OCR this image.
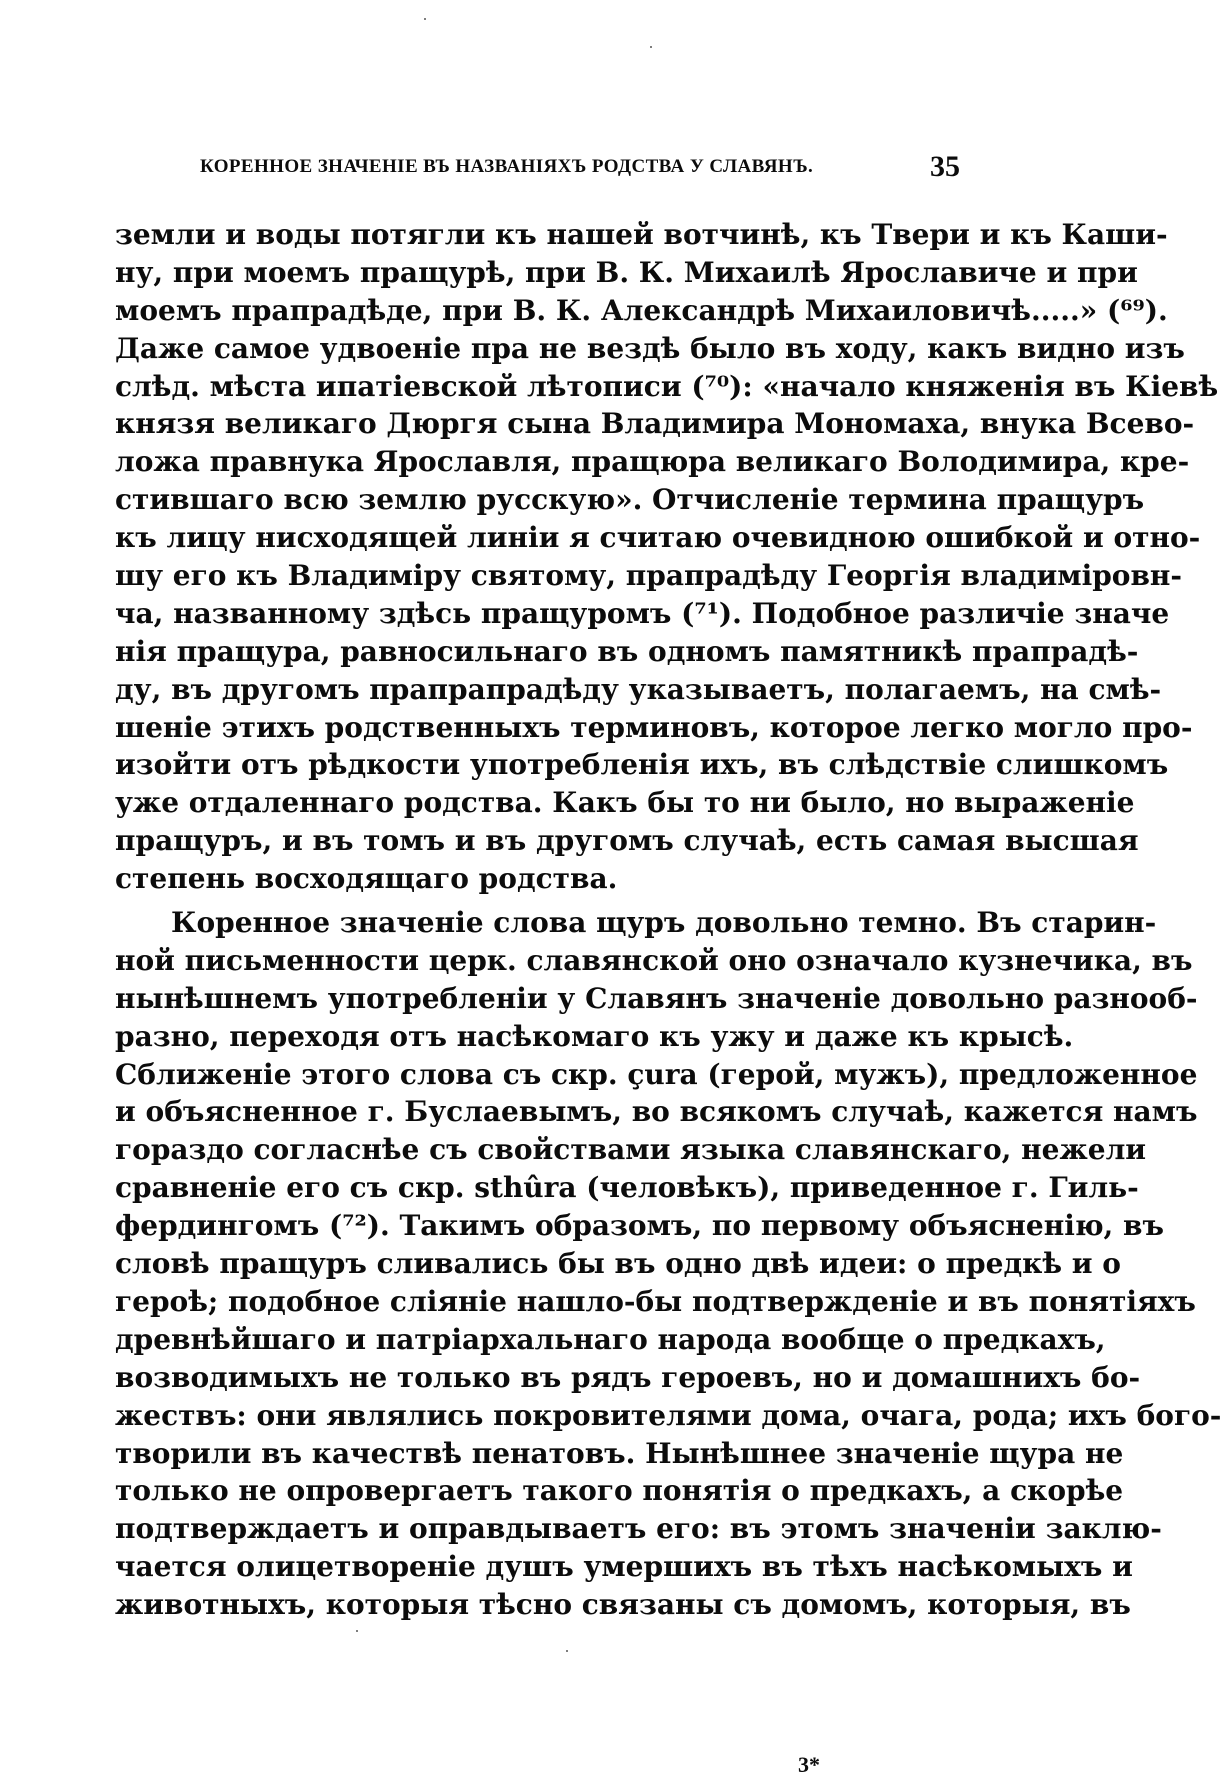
КОРЕННОЕ ЗНАЧЕНІЕ ВЪ НАЗВАНІЯХЪ РОДСТВА У СЛАВЯНЪ.	35
земли и воды потягли къ нашей вотчинѣ, къ Твери и къ Каши-
ну, при моемъ пращурѣ, при В. К. Михаилѣ Ярославиче и при
моемъ прапрадѣде, при В. К. Александрѣ Михаиловичѣ.....» (⁶⁹).
Даже самое удвоеніе пра не вездѣ было въ ходу, какъ видно изъ
слѣд. мѣста ипатіевской лѣтописи (⁷⁰): «начало княженія въ Кіевѣ
князя великаго Дюргя сына Владимира Мономаха, внука Всево-
ложа правнука Ярославля, пращюра великаго Володимира, кре-
стившаго всю землю русскую». Отчисленіе термина пращуръ
къ лицу нисходящей линіи я считаю очевидною ошибкой и отно-
шу его къ Владиміру святому, прапрадѣду Георгія владиміровн-
ча, названному здѣсь пращуромъ (⁷¹). Подобное различіе значе
нія пращура, равносильнаго въ одномъ памятникѣ прапрадѣ-
ду, въ другомъ прапрапрадѣду указываетъ, полагаемъ, на смѣ-
шеніе этихъ родственныхъ терминовъ, которое легко могло про-
изойти отъ рѣдкости употребленія ихъ, въ слѣдствіе слишкомъ
уже отдаленнаго родства. Какъ бы то ни было, но выраженіе
пращуръ, и въ томъ и въ другомъ случаѣ, есть самая высшая
степень восходящаго родства.
Коренное значеніе слова щуръ довольно темно. Въ старин-
ной письменности церк. славянской оно означало кузнечика, въ
нынѣшнемъ употребленіи у Славянъ значеніе довольно разнооб-
разно, переходя отъ насѣкомаго къ ужу и даже къ крысѣ.
Сближеніе этого слова съ скр. çura (герой, мужъ), предложенное
и объясненное г. Буслаевымъ, во всякомъ случаѣ, кажется намъ
гораздо согласнѣе съ свойствами языка славянскаго, нежели
сравненіе его съ скр. sthûra (человѣкъ), приведенное г. Гиль-
фердингомъ (⁷²). Такимъ образомъ, по первому объясненію, въ
словѣ пращуръ сливались бы въ одно двѣ идеи: о предкѣ и о
героѣ; подобное сліяніе нашло-бы подтвержденіе и въ понятіяхъ
древнѣйшаго и патріархальнаго народа вообще о предкахъ,
возводимыхъ не только въ рядъ героевъ, но и домашнихъ бо-
жествъ: они являлись покровителями дома, очага, рода; ихъ бого-
творили въ качествѣ пенатовъ. Нынѣшнее значеніе щура не
только не опровергаетъ такого понятія о предкахъ, а скорѣе
подтверждаетъ и оправдываетъ его: въ этомъ значеніи заклю-
чается олицетвореніе душъ умершихъ въ тѣхъ насѣкомыхъ и
животныхъ, которыя тѣсно связаны съ домомъ, которыя, въ
3*
